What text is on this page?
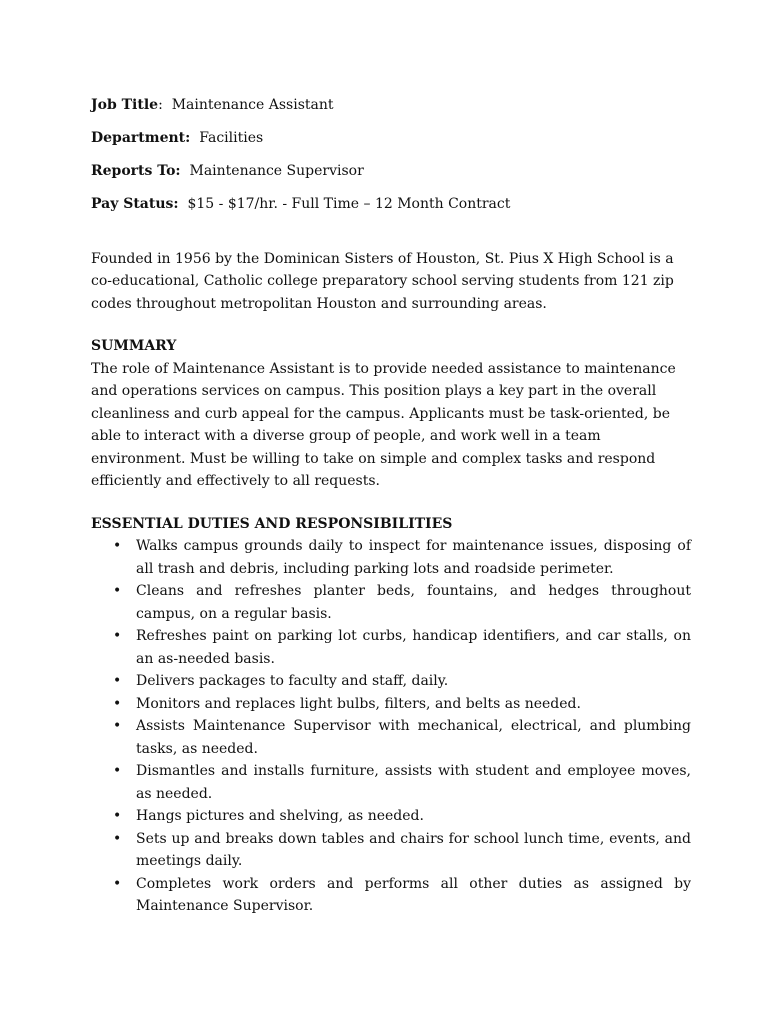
Job Title:  Maintenance Assistant

Department: Facilities

Reports To: Maintenance Supervisor

Pay Status: $15 - $17/hr. - Full Time – 12 Month Contract

Founded in 1956 by the Dominican Sisters of Houston, St. Pius X High School is a co-educational, Catholic college preparatory school serving students from 121 zip codes throughout metropolitan Houston and surrounding areas.

SUMMARY

The role of Maintenance Assistant is to provide needed assistance to maintenance and operations services on campus. This position plays a key part in the overall cleanliness and curb appeal for the campus. Applicants must be task-oriented, be able to interact with a diverse group of people, and work well in a team environment. Must be willing to take on simple and complex tasks and respond efficiently and effectively to all requests.

ESSENTIAL DUTIES AND RESPONSIBILITIES
• Walks campus grounds daily to inspect for maintenance issues, disposing of all trash and debris, including parking lots and roadside perimeter.
• Cleans and refreshes planter beds, fountains, and hedges throughout campus, on a regular basis.
• Refreshes paint on parking lot curbs, handicap identifiers, and car stalls, on an as-needed basis.
• Delivers packages to faculty and staff, daily.
• Monitors and replaces light bulbs, filters, and belts as needed.
• Assists Maintenance Supervisor with mechanical, electrical, and plumbing tasks, as needed.
• Dismantles and installs furniture, assists with student and employee moves, as needed.
• Hangs pictures and shelving, as needed.
• Sets up and breaks down tables and chairs for school lunch time, events, and meetings daily.
• Completes work orders and performs all other duties as assigned by Maintenance Supervisor.
